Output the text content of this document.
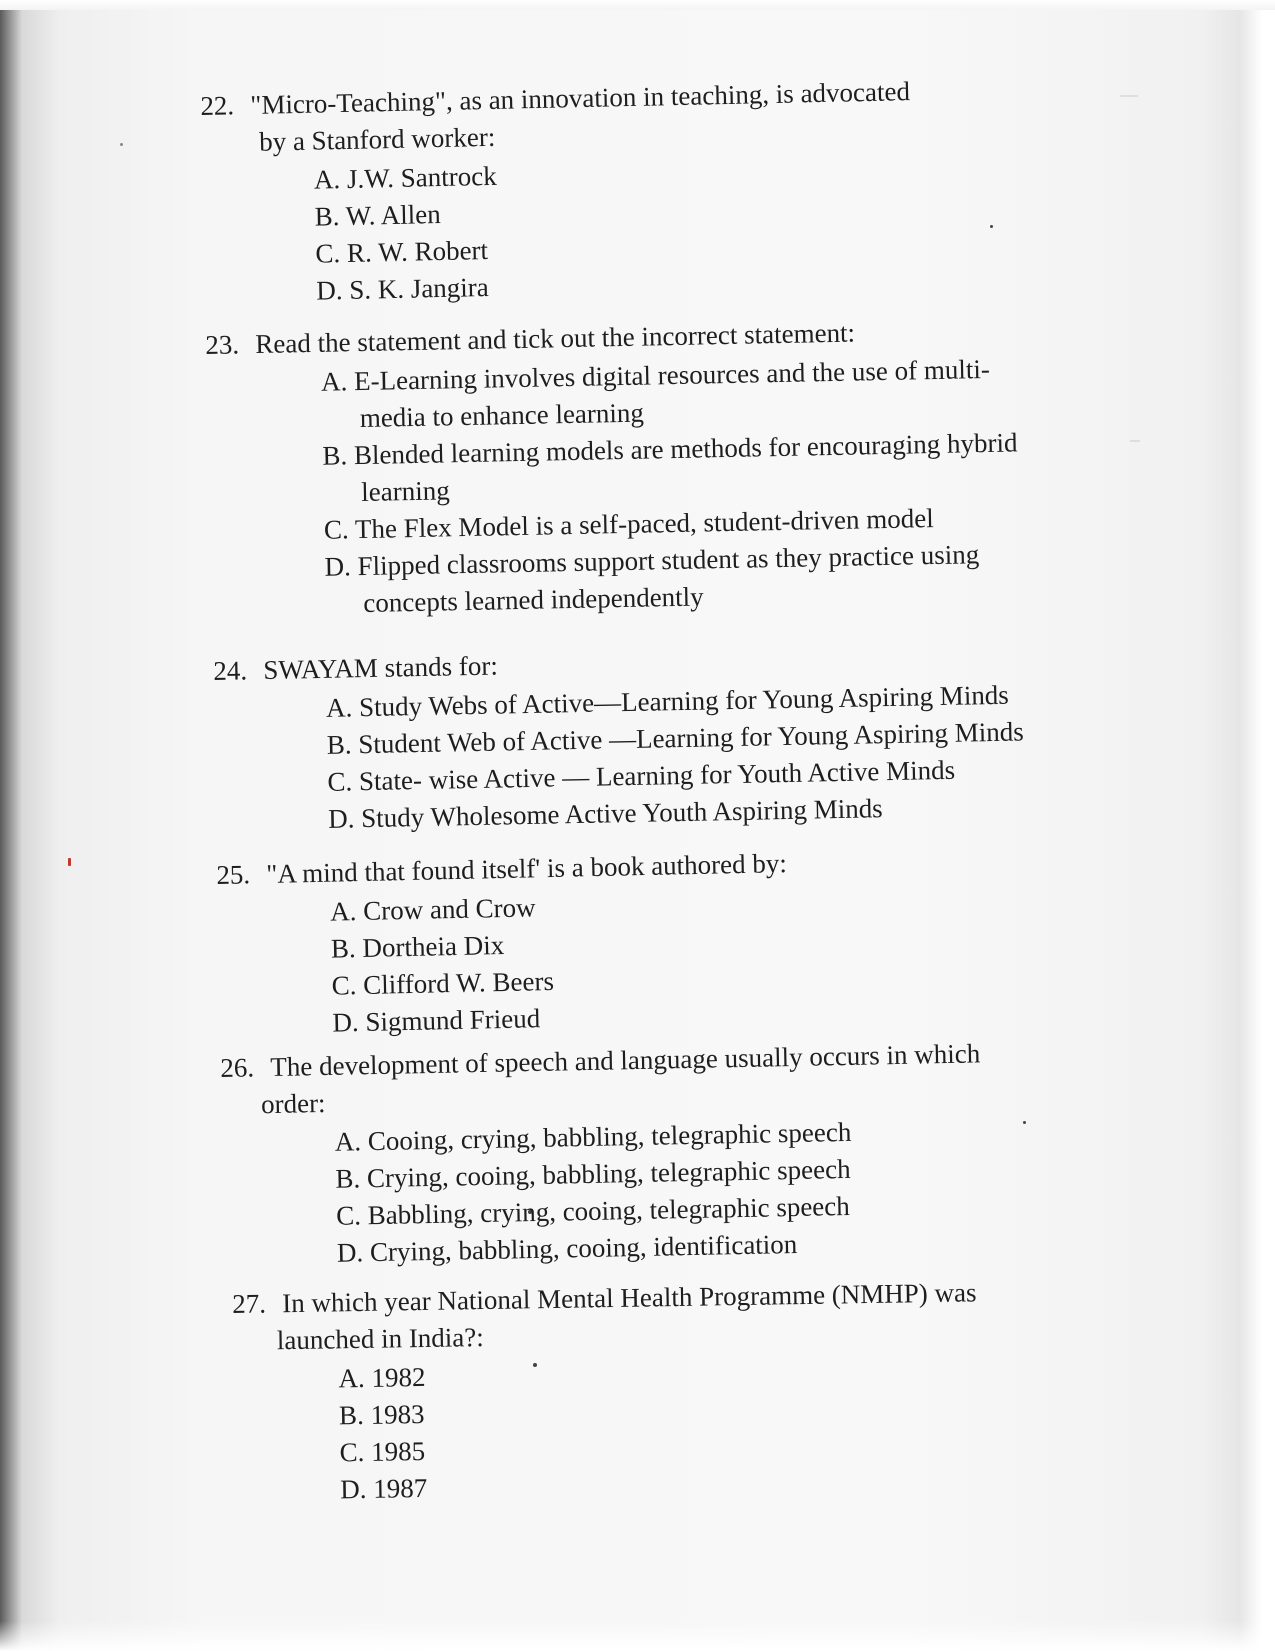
22. "Micro-Teaching", as an innovation in teaching, is advocated
by a Stanford worker:
A. J.W. Santrock
B. W. Allen
C. R. W. Robert
D. S. K. Jangira
23. Read the statement and tick out the incorrect statement:
A. E-Learning involves digital resources and the use of multi-
media to enhance learning
B. Blended learning models are methods for encouraging hybrid
learning
C. The Flex Model is a self-paced, student-driven model
D. Flipped classrooms support student as they practice using
concepts learned independently
24. SWAYAM stands for:
A. Study Webs of Active—Learning for Young Aspiring Minds
B. Student Web of Active —Learning for Young Aspiring Minds
C. State- wise Active — Learning for Youth Active Minds
D. Study Wholesome Active Youth Aspiring Minds
25. "A mind that found itself' is a book authored by:
A. Crow and Crow
B. Dortheia Dix
C. Clifford W. Beers
D. Sigmund Frieud
26. The development of speech and language usually occurs in which
order:
A. Cooing, crying, babbling, telegraphic speech
B. Crying, cooing, babbling, telegraphic speech
C. Babbling, crying, cooing, telegraphic speech
D. Crying, babbling, cooing, identification
27. In which year National Mental Health Programme (NMHP) was
launched in India?:
A. 1982
B. 1983
C. 1985
D. 1987
